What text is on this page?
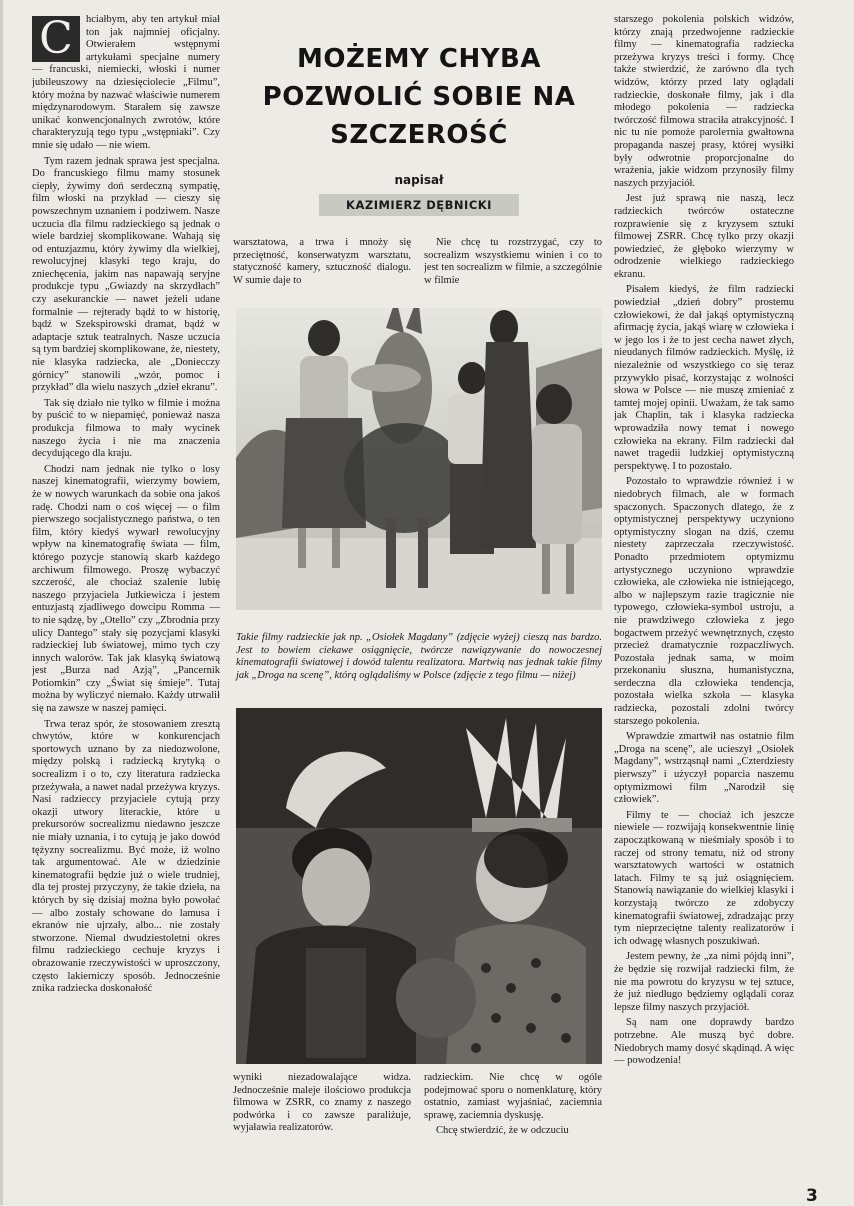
C	hciałbym, aby ten artykuł miał ton jak najmniej oficjalny. Otwierałem wstępnymi artykułami specjalne numery — francuski, niemiecki, włoski i numer jubileuszowy na dziesięciolecie „Filmu”, który można by nazwać właściwie numerem międzynarodowym. Starałem się zawsze unikać konwencjonalnych zwrotów, które charakteryzują tego typu „wstępniaki”. Czy mnie się udało — nie wiem.

Tym razem jednak sprawa jest specjalna. Do francuskiego filmu mamy stosunek ciepły, żywimy doń serdeczną sympatię, film włoski na przykład — cieszy się powszechnym uznaniem i podziwem. Nasze uczucia dla filmu radzieckiego są jednak o wiele bardziej skomplikowane. Wahają się od entuzjazmu, który żywimy dla wielkiej, rewolucyjnej klasyki tego kraju, do zniechęcenia, jakim nas napawają seryjne produkcje typu „Gwiazdy na skrzydłach” czy asekuranckie — nawet jeżeli udane formalnie — rejterady bądź to w historię, bądź w Szekspirowski dramat, bądź w adaptacje sztuk teatralnych. Nasze uczucia są tym bardziej skomplikowane, że, niestety, nie klasyka radziecka, ale „Doniecczy górnicy” stanowili „wzór, pomoc i przykład” dla wielu naszych „dzieł ekranu”.

Tak się działo nie tylko w filmie i można by puścić to w niepamięć, ponieważ nasza produkcja filmowa to mały wycinek naszego życia i nie ma znaczenia decydującego dla kraju.

Chodzi nam jednak nie tylko o losy naszej kinematografii, wierzymy bowiem, że w nowych warunkach da sobie ona jakoś radę. Chodzi nam o coś więcej — o film pierwszego socjalistycznego państwa, o ten film, który kiedyś wywarł rewolucyjny wpływ na kinematografię świata — film, którego pozycje stanowią skarb każdego archiwum filmowego. Proszę wybaczyć szczerość, ale chociaż szalenie lubię naszego przyjaciela Jutkiewicza i jestem entuzjastą zjadliwego dowcipu Romma — to nie sądzę, by „Otello” czy „Zbrodnia przy ulicy Dantego” stały się pozycjami klasyki radzieckiej lub światowej, mimo tych czy innych walorów. Tak jak klasyką światową jest „Burza nad Azją”, „Pancernik Potiomkin” czy „Świat się śmieje”. Tutaj można by wyliczyć niemało. Każdy utrwalił się na zawsze w naszej pamięci.

Trwa teraz spór, że stosowaniem zresztą chwytów, które w konkurencjach sportowych uznano by za niedozwolone, między polską i radziecką krytyką o socrealizm i o to, czy literatura radziecka przeżywała, a nawet nadal przeżywa kryzys. Nasi radzieccy przyjaciele cytują przy okazji utwory literackie, które u prekursorów socrealizmu niedawno jeszcze nie miały uznania, i to cytują je jako dowód tężyzny socrealizmu. Być może, iż wolno tak argumentować. Ale w dziedzinie kinematografii będzie już o wiele trudniej, dla tej prostej przyczyny, że takie dzieła, na których by się dzisiaj można było powołać — albo zostały schowane do lamusa i ekranów nie ujrzały, albo... nie zostały stworzone. Niemal dwudziestoletni okres filmu radzieckiego cechuje kryzys i obrazowanie rzeczywistości w uproszczony, często lakierniczy sposób. Jednocześnie znika radziecka doskonałość

MOŻEMY CHYBA POZWOLIĆ SOBIE NA SZCZEROŚĆ
napisał
KAZIMIERZ DĘBNICKI

warsztatowa, a trwa i mnoży się przeciętność, konserwatyzm warsztatu, statyczność kamery, sztuczność dialogu. W sumie daje to

Nie chcę tu rozstrzygać, czy to socrealizm wszystkiemu winien i co to jest ten socrealizm w filmie, a szczególnie w filmie

Takie filmy radzieckie jak np. „Osiołek Magdany” (zdjęcie wyżej) cieszą nas bardzo. Jest to bowiem ciekawe osiągnięcie, twórcze nawiązywanie do nowoczesnej kinematografii światowej i dowód talentu realizatora. Martwią nas jednak takie filmy jak „Droga na scenę”, którą oglądaliśmy w Polsce (zdjęcie z tego filmu — niżej)

wyniki niezadowalające widza. Jednocześnie maleje ilościowo produkcja filmowa w ZSRR, co znamy z naszego podwórka i co zawsze paraliżuje, wyjaławia realizatorów.

radzieckim. Nie chcę w ogóle podejmować sporu o nomenklaturę, który ostatnio, zamiast wyjaśniać, zaciemnia sprawę, zaciemnia dyskusję.

Chcę stwierdzić, że w odczuciu

starszego pokolenia polskich widzów, którzy znają przedwojenne radzieckie filmy — kinematografia radziecka przeżywa kryzys treści i formy. Chcę także stwierdzić, że zarówno dla tych widzów, którzy przed laty oglądali radzieckie, doskonałe filmy, jak i dla młodego pokolenia — radziecka twórczość filmowa straciła atrakcyjność. I nic tu nie pomoże parolетnia gwałtowna propaganda naszej prasy, której wysiłki były odwrotnie proporcjonalne do wrażenia, jakie widzom przynosiły filmy naszych przyjaciół.

Jest już sprawą nie naszą, lecz radzieckich twórców ostateczne rozprawienie się z kryzysem sztuki filmowej ZSRR. Chcę tylko przy okazji powiedzieć, że głęboko wierzymy w odrodzenie wielkiego radzieckiego ekranu.

Pisałem kiedyś, że film radziecki powiedział „dzień dobry” prostemu człowiekowi, że dał jakąś optymistyczną afirmację życia, jakąś wiarę w człowieka i w jego los i że to jest cecha nawet złych, nieudanych filmów radzieckich. Myślę, iż niezależnie od wszystkiego co się teraz przywykło pisać, korzystając z wolności słowa w Polsce — nie muszę zmieniać z tamtej mojej opinii. Uważam, że tak samo jak Chaplin, tak i klasyka radziecka wprowadziła nowy temat i nowego człowieka na ekrany. Film radziecki dał nawet tragedii ludzkiej optymistyczną perspektywę. I to pozostało.

Pozostało to wprawdzie równieź i w niedobrych filmach, ale w formach spaczonych. Spaczonych dlatego, że z optymistycznej perspektywy uczyniono optymistyczny slogan na dziś, czemu niestety zaprzeczała rzeczywistość. Ponadto przedmiotem optymizmu artystycznego uczyniono wprawdzie człowieka, ale człowieka nie istniejącego, albo w najlepszym razie tragicznie nie typowego, człowieka-symbol ustroju, a nie prawdziwego człowieka z jego bogactwem przeżyć wewnętrznych, często przecież dramatycznie rozpaczliwych. Pozostała jednak sama, w moim przekonaniu słuszna, humanistyczna, serdeczna dla człowieka tendencja, pozostała wielka szkoła — klasyka radziecka, pozostali zdolni twórcy starszego pokolenia.

Wprawdzie zmartwił nas ostatnio film „Droga na scenę”, ale ucieszył „Osiołek Magdany”, wstrząsnął nami „Czterdziesty pierwszy” i użyczył poparcia naszemu optymizmowi film „Narodził się człowiek”.

Filmy te — chociaż ich jeszcze niewiele — rozwijają konsekwentnie linię zapoczątkowaną w nieśmiały sposób i to raczej od strony tematu, niż od strony warsztatowych wartości w ostatnich latach. Filmy te są już osiągnięciem. Stanowią nawiązanie do wielkiej klasyki i korzystają twórczo ze zdobyczy kinematografii światowej, zdradzając przy tym nieprzeciętne talenty realizatorów i ich odwagę własnych poszukiwań.

Jestem pewny, że „za nimi pójdą inni”, że będzie się rozwijał radziecki film, że nie ma powrotu do kryzysu w tej sztuce, że już niedługo będziemy oglądali coraz lepsze filmy naszych przyjaciół.

Są nam one doprawdy bardzo potrzebne. Ale muszą być dobre. Niedobrych mamy dosyć skądinąd. A więc — powodzenia!

3
